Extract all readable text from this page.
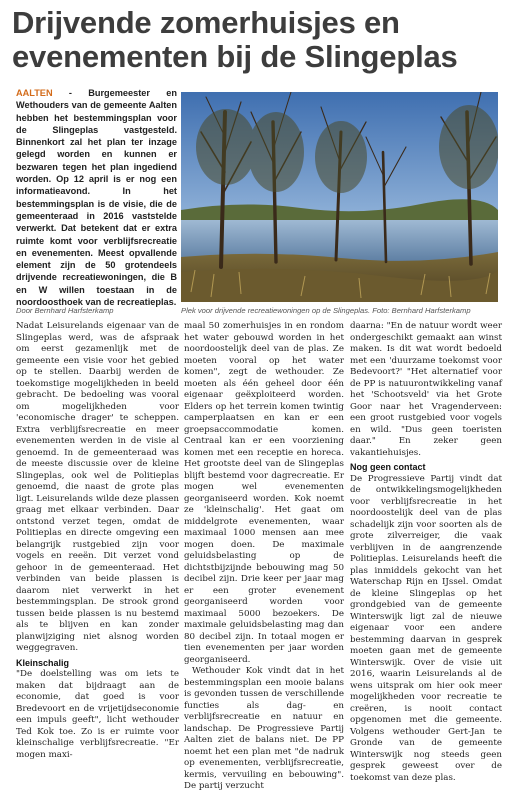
Drijvende zomerhuisjes en
evenementen bij de Slingeplas
AALTEN - Burgemeester en Wethouders van de gemeente Aalten hebben het bestemmingsplan voor de Slingeplas vastgesteld. Binnenkort zal het plan ter inzage gelegd worden en kunnen er bezwaren tegen het plan ingediend worden. Op 12 april is er nog een informatieavond. In het bestemmingsplan is de visie, die de gemeenteraad in 2016 vaststelde verwerkt. Dat betekent dat er extra ruimte komt voor verblijfsrecreatie en evenementen. Meest opvallende element zijn de 50 grotendeels drijvende recreatiewoningen, die B en W willen toestaan in de noordoosthoek van de recreatieplas.
Door Bernhard Harfsterkamp	Plek voor drijvende recreatiewoningen op de Slingeplas. Foto: Bernhard Harfsterkamp

Nadat Leisurelands eigenaar van de Slingeplas werd, was de afspraak om eerst gezamenlijk met de gemeente een visie voor het gebied op te stellen. Daarbij werden de toekomstige mogelijkheden in beeld gebracht. De bedoeling was vooral om mogelijkheden voor 'economische drager' te scheppen. Extra verblijfsrecreatie en meer evenementen werden in de visie al genoemd. In de gemeenteraad was de meeste discussie over de kleine Slingeplas, ook wel de Politieplas genoemd, die naast de grote plas ligt. Leisurelands wilde deze plassen graag met elkaar verbinden. Daar ontstond verzet tegen, omdat de Politieplas en directe omgeving een belangrijk rustgebied zijn voor vogels en reeën. Dit verzet vond gehoor in de gemeenteraad. Het verbinden van beide plassen is daarom niet verwerkt in het bestemmingsplan. De strook grond tussen beide plassen is nu bestemd als te blijven en kan zonder planwijziging niet alsnog worden weggegraven.

Kleinschalig

"De doelstelling was om iets te maken dat bijdraagt aan de economie, dat goed is voor Bredevoort en de vrijetijdseconomie een impuls geeft", licht wethouder Ted Kok toe. Zo is er ruimte voor kleinschalige verblijfsrecreatie. "Er mogen maxi-

maal 50 zomerhuisjes in en rondom het water gebouwd worden in het noordoostelijk deel van de plas. Ze moeten vooral op het water komen", zegt de wethouder. Ze moeten als één geheel door één eigenaar geëxploiteerd worden. Elders op het terrein komen twintig camperplaatsen en kan er een groepsaccommodatie komen. Centraal kan er een voorziening komen met een receptie en horeca. Het grootste deel van de Slingeplas blijft bestemd voor dagrecreatie. Er mogen wel evenementen georganiseerd worden. Kok noemt ze 'kleinschalig'. Het gaat om middelgrote evenementen, waar maximaal 1000 mensen aan mee mogen doen. De maximale geluidsbelasting op de dichtstbijzijnde bebouwing mag 50 decibel zijn. Drie keer per jaar mag er een groter evenement georganiseerd worden voor maximaal 5000 bezoekers. De maximale geluidsbelasting mag dan 80 decibel zijn. In totaal mogen er tien evenementen per jaar worden georganiseerd.

Wethouder Kok vindt dat in het bestemmingsplan een mooie balans is gevonden tussen de verschillende functies als dag- en verblijfsrecreatie en natuur en landschap. De Progressieve Partij Aalten ziet de balans niet. De PP noemt het een plan met "de nadruk op evenementen, verblijfsrecreatie, kermis, vervuiling en bebouwing". De partij verzucht

daarna: "En de natuur wordt weer ondergeschikt gemaakt aan winst maken. Is dit wat wordt bedoeld met een 'duurzame toekomst voor Bedevoort?' "Het alternatief voor de PP is natuurontwikkeling vanaf het 'Schootsveld' via het Grote Goor naar het Vragenderveen: een groot rustgebied voor vogels en wild. "Dus geen toeristen daar." En zeker geen vakantiehuisjes.

Nog geen contact

De Progressieve Partij vindt dat de ontwikkelingsmogelijkheden voor verblijfsrecreatie in het noordoostelijk deel van de plas schadelijk zijn voor soorten als de grote zilverreiger, die vaak verblijven in de aangrenzende Politieplas. Leisurelands heeft die plas inmiddels gekocht van het Waterschap Rijn en IJssel. Omdat de kleine Slingeplas op het grondgebied van de gemeente Winterswijk ligt zal de nieuwe eigenaar voor een andere bestemming daarvan in gesprek moeten gaan met de gemeente Winterswijk. Over de visie uit 2016, waarin Leisurelands al de wens uitsprak om hier ook meer mogelijkheden voor recreatie te creëren, is nooit contact opgenomen met die gemeente. Volgens wethouder Gert-Jan te Gronde van de gemeente Winterswijk nog steeds geen gesprek geweest over de toekomst van deze plas.
